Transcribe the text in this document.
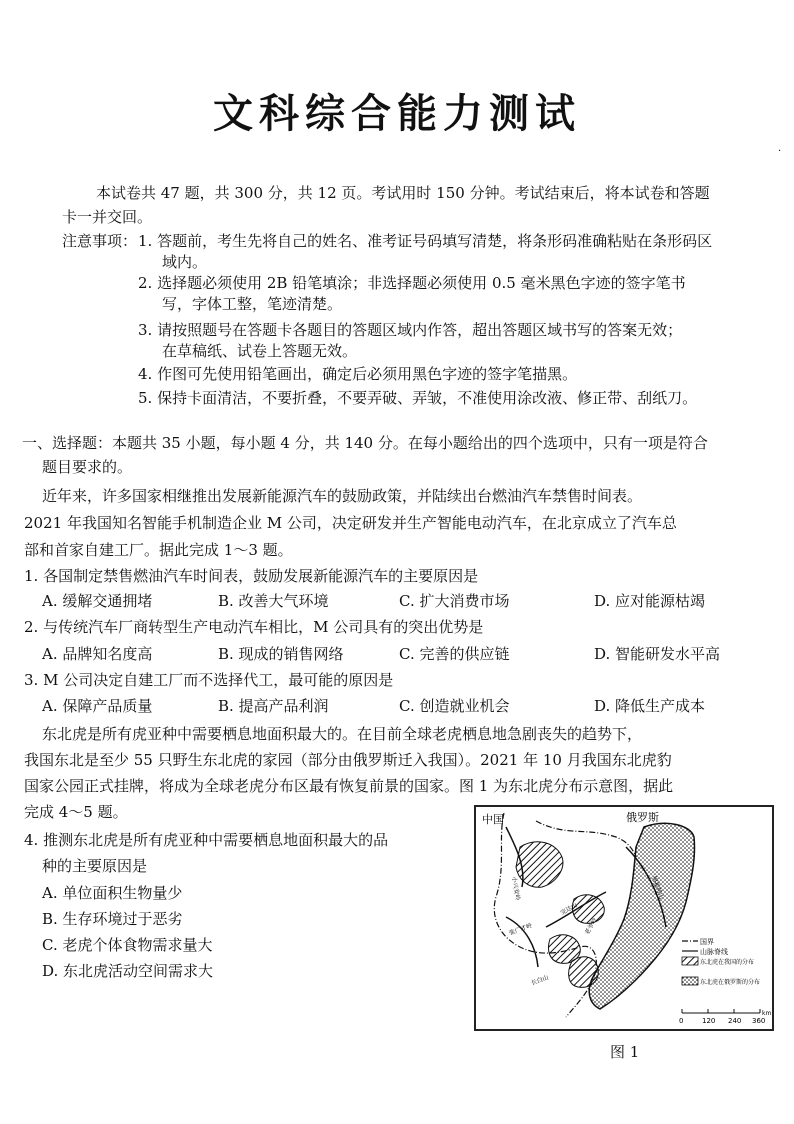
文科综合能力测试
·
本试卷共 47 题，共 300 分，共 12 页。考试用时 150 分钟。考试结束后，将本试卷和答题
卡一并交回。
注意事项： 1. 答题前，考生先将自己的姓名、准考证号码填写清楚，将条形码准确粘贴在条形码区
域内。
2. 选择题必须使用 2B 铅笔填涂；非选择题必须使用 0.5 毫米黑色字迹的签字笔书
写，字体工整，笔迹清楚。
3. 请按照题号在答题卡各题目的答题区域内作答，超出答题区域书写的答案无效；
在草稿纸、试卷上答题无效。
4. 作图可先使用铅笔画出，确定后必须用黑色字迹的签字笔描黑。
5. 保持卡面清洁，不要折叠，不要弄破、弄皱，不准使用涂改液、修正带、刮纸刀。
一、选择题：本题共 35 小题，每小题 4 分，共 140 分。在每小题给出的四个选项中，只有一项是符合
题目要求的。
近年来，许多国家相继推出发展新能源汽车的鼓励政策，并陆续出台燃油汽车禁售时间表。
2021 年我国知名智能手机制造企业 M 公司，决定研发并生产智能电动汽车，在北京成立了汽车总
部和首家自建工厂。据此完成 1～3 题。
1. 各国制定禁售燃油汽车时间表，鼓励发展新能源汽车的主要原因是
A. 缓解交通拥堵	B. 改善大气环境	C. 扩大消费市场	D. 应对能源枯竭
2. 与传统汽车厂商转型生产电动汽车相比，M 公司具有的突出优势是
A. 品牌知名度高	B. 现成的销售网络	C. 完善的供应链	D. 智能研发水平高
3. M 公司决定自建工厂而不选择代工，最可能的原因是
A. 保障产品质量	B. 提高产品利润	C. 创造就业机会	D. 降低生产成本
东北虎是所有虎亚种中需要栖息地面积最大的。在目前全球老虎栖息地急剧丧失的趋势下，
我国东北是至少 55 只野生东北虎的家园（部分由俄罗斯迁入我国）。2021 年 10 月我国东北虎豹
国家公园正式挂牌，将成为全球老虎分布区最有恢复前景的国家。图 1 为东北虎分布示意图，据此
完成 4～5 题。
4. 推测东北虎是所有虎亚种中需要栖息地面积最大的品
种的主要原因是
A. 单位面积生物量少
B. 生存环境过于恶劣
C. 老虎个体食物需求量大
D. 东北虎活动空间需求大
中国	俄罗斯
小兴安岭
张广才岭
完达山
老爷岭
长白山
锡霍特山
国界
山脉脊线
东北虎在我国的分布
东北虎在俄罗斯的分布
0	120 240 360
km
图 1
